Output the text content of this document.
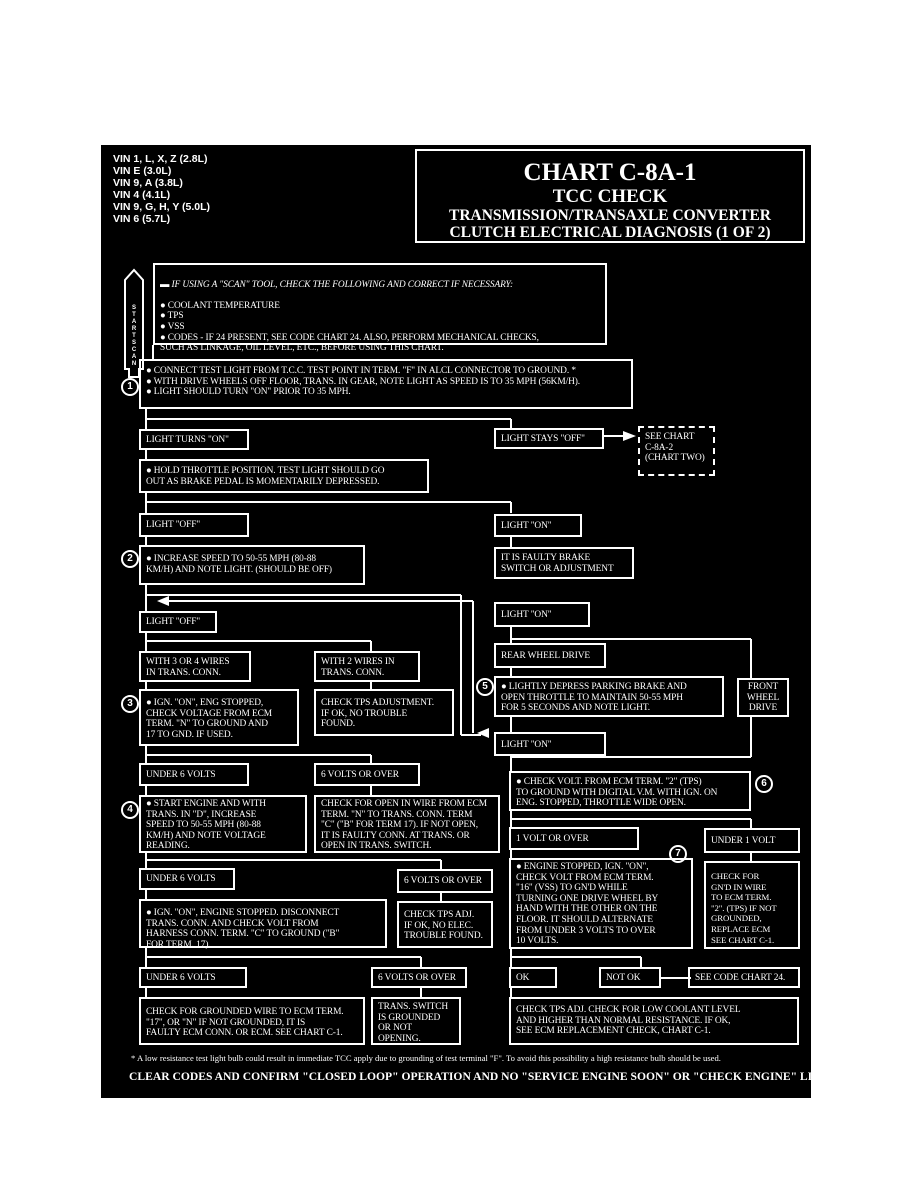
VIN 1, L, X, Z (2.8L)
VIN E (3.0L)
VIN 9, A (3.8L)
VIN 4 (4.1L)
VIN 9, G, H, Y (5.0L)
VIN 6 (5.7L)
CHART C-8A-1
TCC CHECK
TRANSMISSION/TRANSAXLE CONVERTER
CLUTCH ELECTRICAL DIAGNOSIS (1 OF 2)
START SCAN

▬ IF USING A "SCAN" TOOL, CHECK THE FOLLOWING AND CORRECT IF NECESSARY:

● COOLANT TEMPERATURE
● TPS
● VSS
● CODES - IF 24 PRESENT, SEE CODE CHART 24. ALSO, PERFORM MECHANICAL CHECKS,
SUCH AS LINKAGE, OIL LEVEL, ETC., BEFORE USING THIS CHART.

1
● CONNECT TEST LIGHT FROM T.C.C. TEST POINT IN TERM. "F" IN ALCL CONNECTOR TO GROUND. *
● WITH DRIVE WHEELS OFF FLOOR, TRANS. IN GEAR, NOTE LIGHT AS SPEED IS TO 35 MPH (56KM/H).
● LIGHT SHOULD TURN "ON" PRIOR TO 35 MPH.
LIGHT TURNS "ON"	LIGHT STAYS "OFF"	SEE CHART
C-8A-2
(CHART TWO)
● HOLD THROTTLE POSITION. TEST LIGHT SHOULD GO
OUT AS BRAKE PEDAL IS MOMENTARILY DEPRESSED.
LIGHT "OFF"	LIGHT "ON"
2	● INCREASE SPEED TO 50-55 MPH (80-88
KM/H) AND NOTE LIGHT. (SHOULD BE OFF)
IT IS FAULTY BRAKE
SWITCH OR ADJUSTMENT
LIGHT "OFF"
LIGHT "ON"
WITH 3 OR 4 WIRES
IN TRANS. CONN.
WITH 2 WIRES IN
TRANS. CONN.
REAR WHEEL DRIVE
FRONT
WHEEL
DRIVE
3	● IGN. "ON", ENG STOPPED,
CHECK VOLTAGE FROM ECM
TERM. "N" TO GROUND AND
17 TO GND. IF USED.
CHECK TPS ADJUSTMENT.
IF OK, NO TROUBLE
FOUND.
5	● LIGHTLY DEPRESS PARKING BRAKE AND
OPEN THROTTLE TO MAINTAIN 50-55 MPH
FOR 5 SECONDS AND NOTE LIGHT.
LIGHT "ON"
UNDER 6 VOLTS	6 VOLTS OR OVER
6
● CHECK VOLT. FROM ECM TERM. "2" (TPS)
TO GROUND WITH DIGITAL V.M. WITH IGN. ON
ENG. STOPPED, THROTTLE WIDE OPEN.
4	● START ENGINE AND WITH
TRANS. IN "D", INCREASE
SPEED TO 50-55 MPH (80-88
KM/H) AND NOTE VOLTAGE
READING.
CHECK FOR OPEN IN WIRE FROM ECM
TERM. "N" TO TRANS. CONN. TERM
"C" ("B" FOR TERM 17). IF NOT OPEN,
IT IS FAULTY CONN. AT TRANS. OR
OPEN IN TRANS. SWITCH.
1 VOLT OR OVER	UNDER 1 VOLT
UNDER 6 VOLTS	6 VOLTS OR OVER
7
● ENGINE STOPPED, IGN. "ON",
CHECK VOLT FROM ECM TERM.
"16" (VSS) TO GN'D WHILE
TURNING ONE DRIVE WHEEL BY
HAND WITH THE OTHER ON THE
FLOOR. IT SHOULD ALTERNATE
FROM UNDER 3 VOLTS TO OVER
10 VOLTS.
CHECK FOR
GN'D IN WIRE
TO ECM TERM.
"2". (TPS) IF NOT
GROUNDED,
REPLACE ECM
SEE CHART C-1.
● IGN. "ON", ENGINE STOPPED. DISCONNECT
TRANS. CONN. AND CHECK VOLT FROM
HARNESS CONN. TERM. "C" TO GROUND ("B"
FOR TERM. 17).
CHECK TPS ADJ.
IF OK, NO ELEC.
TROUBLE FOUND.
UNDER 6 VOLTS	6 VOLTS OR OVER	OK	NOT OK	SEE CODE CHART 24.
CHECK FOR GROUNDED WIRE TO ECM TERM.
"17", OR "N" IF NOT GROUNDED, IT IS
FAULTY ECM CONN. OR ECM. SEE CHART C-1.
TRANS. SWITCH
IS GROUNDED
OR NOT
OPENING.
CHECK TPS ADJ. CHECK FOR LOW COOLANT LEVEL
AND HIGHER THAN NORMAL RESISTANCE. IF OK,
SEE ECM REPLACEMENT CHECK, CHART C-1.
* A low resistance test light bulb could result in immediate TCC apply due to grounding of test terminal "F". To avoid this possibility a high resistance bulb should be used.
CLEAR CODES AND CONFIRM "CLOSED LOOP" OPERATION AND NO "SERVICE ENGINE SOON" OR "CHECK ENGINE" LIGHT.
